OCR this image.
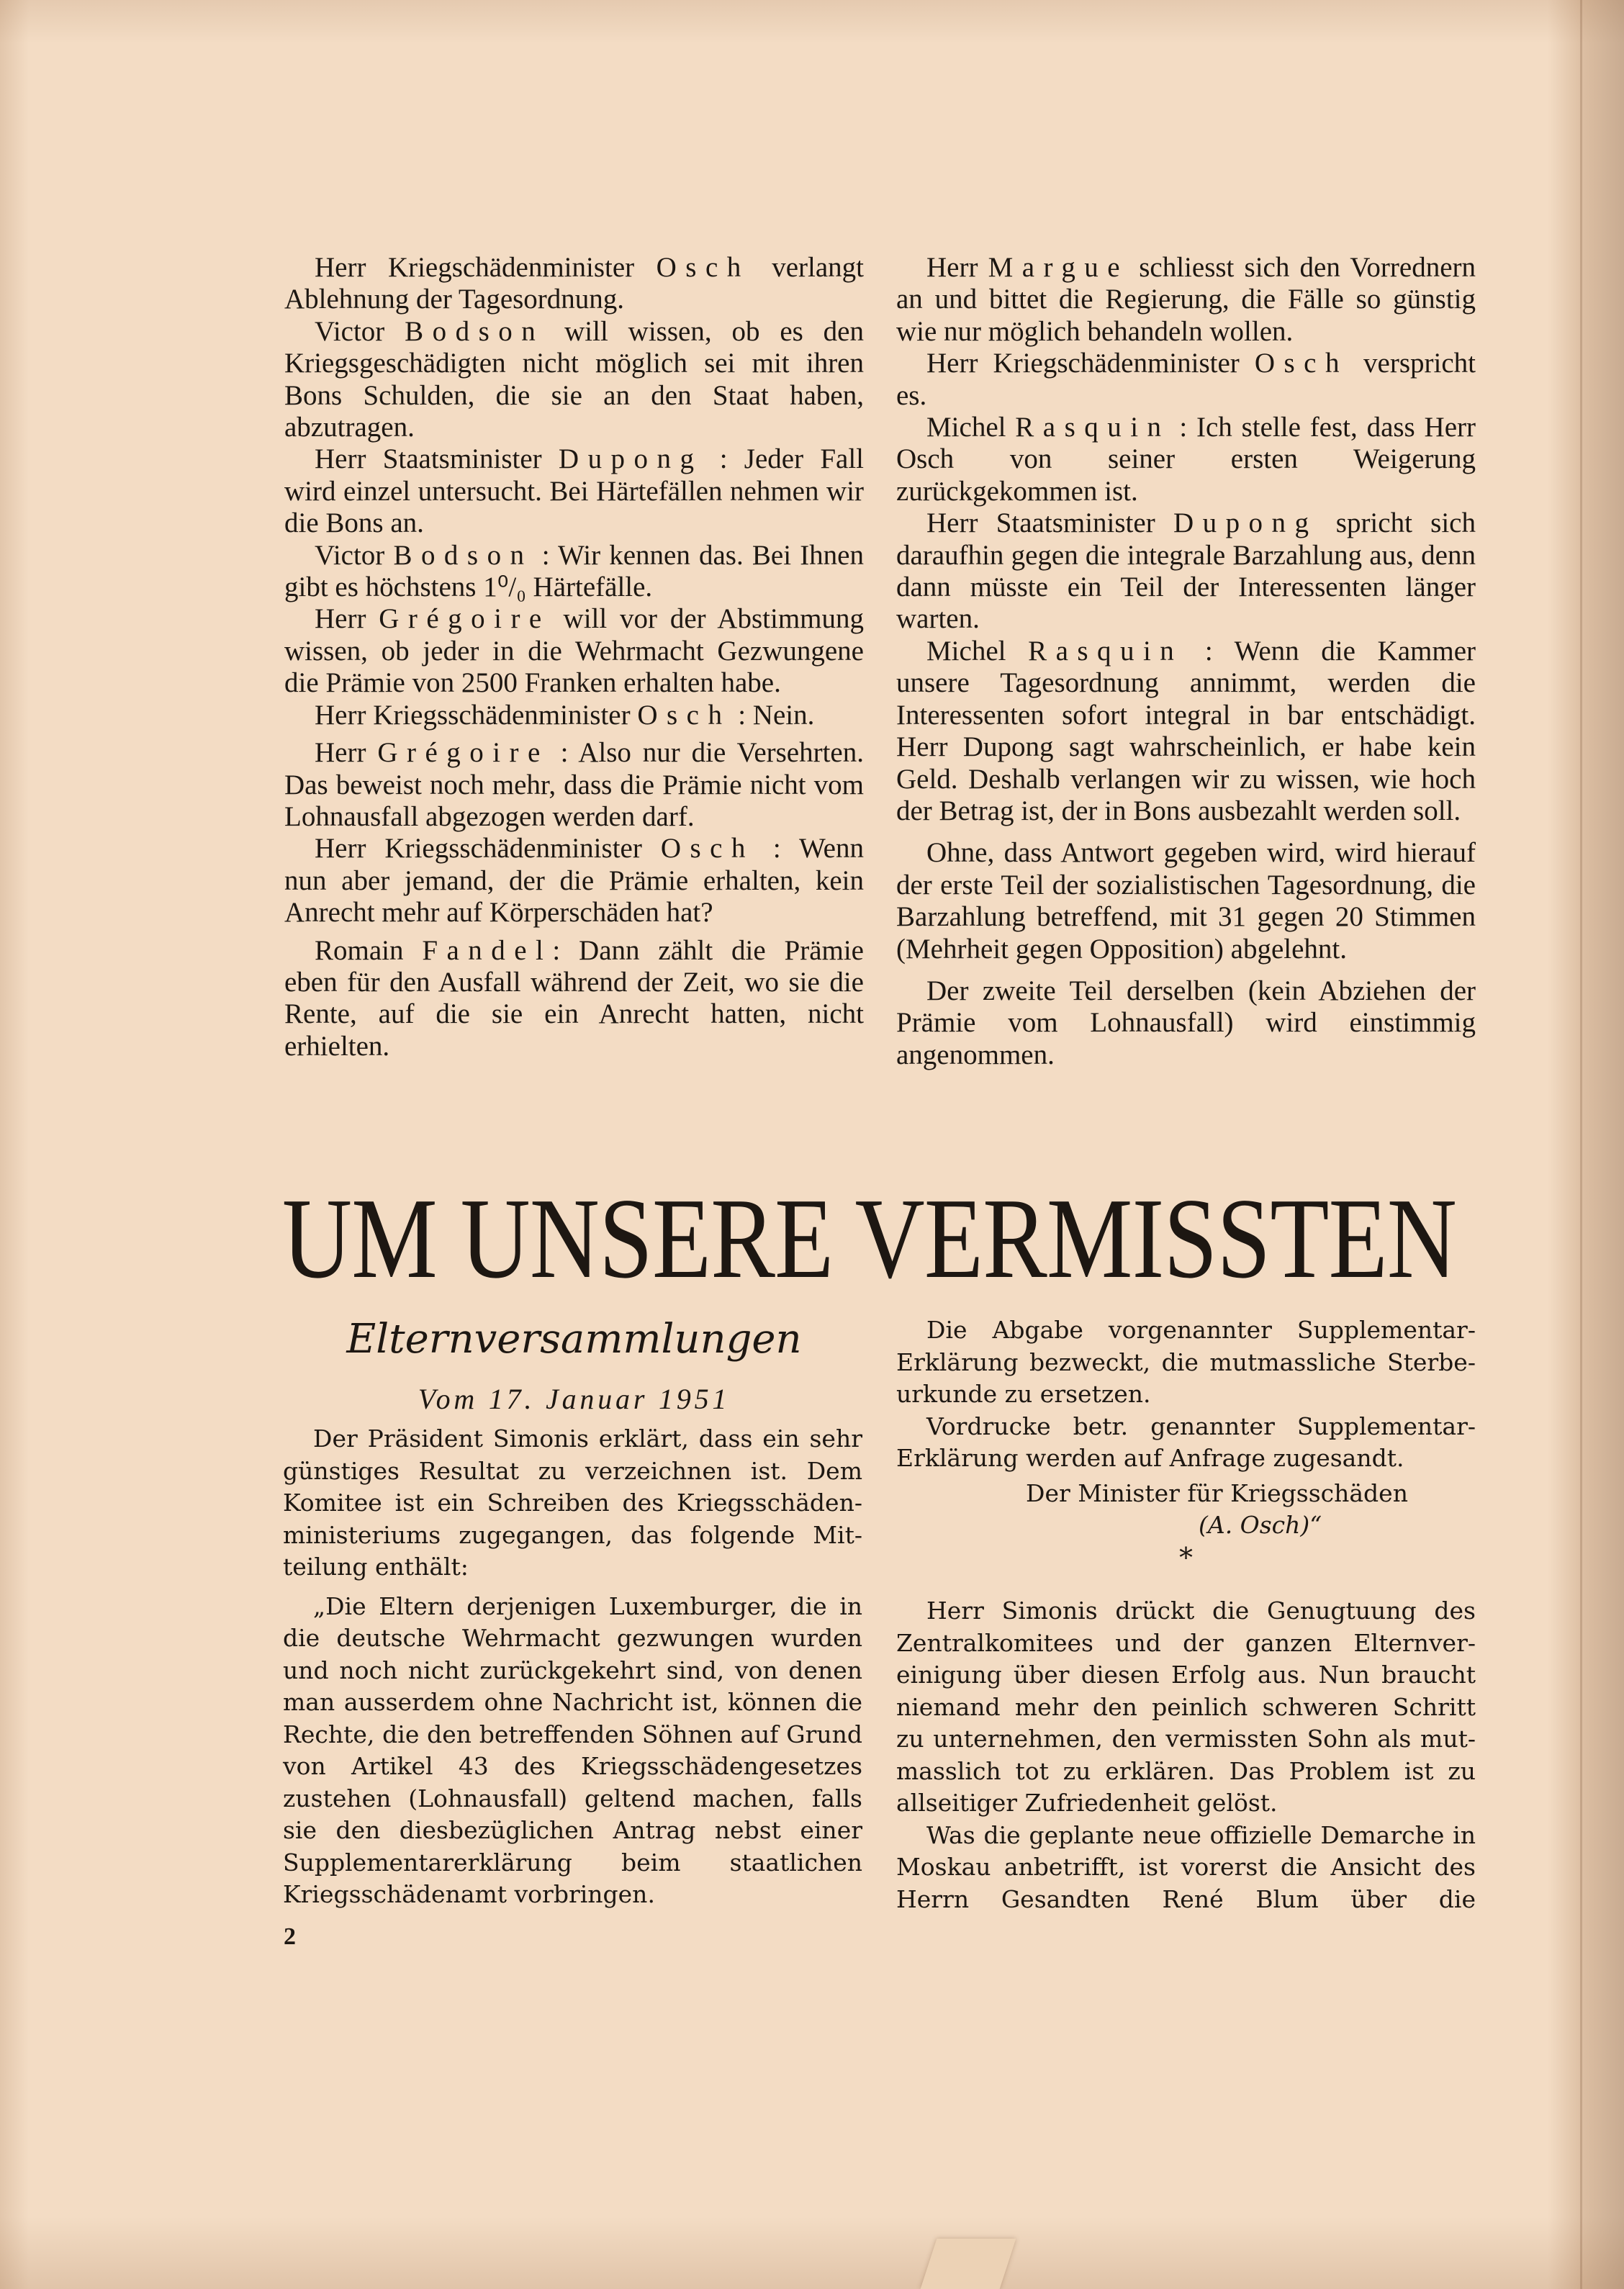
Herr Kriegschädenminister Osch verlangt Ablehnung der Tagesordnung.

Victor Bodson will wissen, ob es den Kriegsgeschädigten nicht möglich sei mit ihren Bons Schulden, die sie an den Staat haben, abzutragen.

Herr Staatsminister Dupong : Jeder Fall wird einzel untersucht. Bei Härtefällen nehmen wir die Bons an.

Victor Bodson : Wir kennen das. Bei Ihnen gibt es höchstens 1⁰/₀ Härtefälle.

Herr Grégoire will vor der Abstimmung wissen, ob jeder in die Wehrmacht Gezwungene die Prämie von 2500 Franken erhalten habe.

Herr Kriegsschädenminister Osch : Nein.

Herr Grégoire : Also nur die Versehrten. Das beweist noch mehr, dass die Prämie nicht vom Lohnausfall abgezogen werden darf.

Herr Kriegsschädenminister Osch : Wenn nun aber jemand, der die Prämie erhalten, kein Anrecht mehr auf Körperschäden hat?

Romain Fandel: Dann zählt die Prämie eben für den Ausfall während der Zeit, wo sie die Rente, auf die sie ein Anrecht hatten, nicht erhielten.

Herr Margue schliesst sich den Vorrednern an und bittet die Regierung, die Fälle so günstig wie nur möglich behandeln wollen.

Herr Kriegschädenminister Osch verspricht es.

Michel Rasquin : Ich stelle fest, dass Herr Osch von seiner ersten Weigerung zurückgekommen ist.

Herr Staatsminister Dupong spricht sich daraufhin gegen die integrale Barzahlung aus, denn dann müsste ein Teil der Interessenten länger warten.

Michel Rasquin : Wenn die Kammer unsere Tagesordnung annimmt, werden die Interessenten sofort integral in bar entschädigt. Herr Dupong sagt wahrscheinlich, er habe kein Geld. Deshalb verlangen wir zu wissen, wie hoch der Betrag ist, der in Bons ausbezahlt werden soll.

Ohne, dass Antwort gegeben wird, wird hierauf der erste Teil der sozialistischen Tagesordnung, die Barzahlung betreffend, mit 31 gegen 20 Stimmen (Mehrheit gegen Opposition) abgelehnt.

Der zweite Teil derselben (kein Abziehen der Prämie vom Lohnausfall) wird einstimmig angenommen.

UM UNSERE VERMISSTEN
Elternversammlungen
Vom 17. Januar 1951

Der Präsident Simonis erklärt, dass ein sehr günstiges Resultat zu verzeichnen ist. Dem Komitee ist ein Schreiben des Kriegsschädenministeriums zugegangen, das folgende Mitteilung enthält:

„Die Eltern derjenigen Luxemburger, die in die deutsche Wehrmacht gezwungen wurden und noch nicht zurückgekehrt sind, von denen man ausserdem ohne Nachricht ist, können die Rechte, die den betreffenden Söhnen auf Grund von Artikel 43 des Kriegsschädengesetzes zustehen (Lohnausfall) geltend machen, falls sie den diesbezüglichen Antrag nebst einer Supplementarerklärung beim staatlichen Kriegsschädenamt vorbringen.

Die Abgabe vorgenannter Supplementar-Erklärung bezweckt, die mutmassliche Sterbeurkunde zu ersetzen.

Vordrucke betr. genannter Supplementar-Erklärung werden auf Anfrage zugesandt.

Der Minister für Kriegsschäden

(A. Osch)“

*

Herr Simonis drückt die Genugtuung des Zentralkomitees und der ganzen Elternvereinigung über diesen Erfolg aus. Nun braucht niemand mehr den peinlich schweren Schritt zu unternehmen, den vermissten Sohn als mutmasslich tot zu erklären. Das Problem ist zu allseitiger Zufriedenheit gelöst.

Was die geplante neue offizielle Demarche in Moskau anbetrifft, ist vorerst die Ansicht des Herrn Gesandten René Blum über die

2
